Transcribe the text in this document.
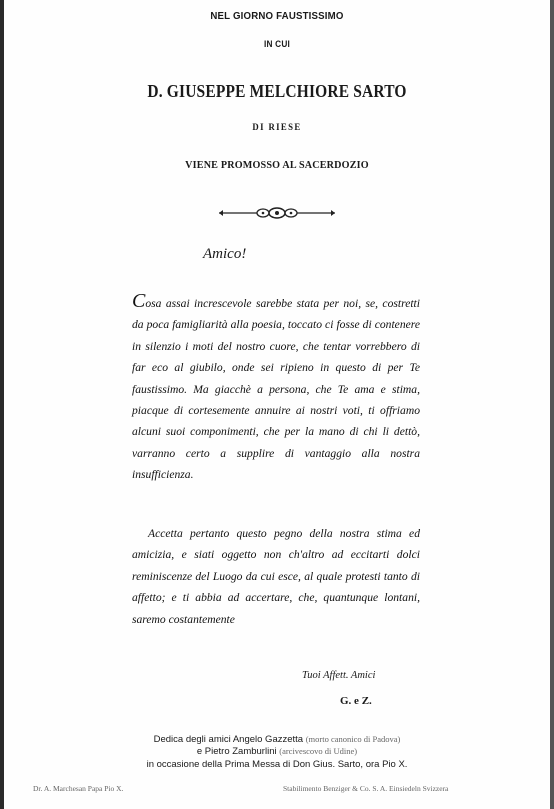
NEL GIORNO FAUSTISSIMO
IN CUI
D. GIUSEPPE MELCHIORE SARTO
DI RIESE
VIENE PROMOSSO AL SACERDOZIO
Amico!
Cosa assai increscevole sarebbe stata per noi, se, costretti da poca famigliarità alla poesia, toccato ci fosse di contenere in silenzio i moti del nostro cuore, che tentar vorrebbero di far eco al giubilo, onde sei ripieno in questo di per Te faustissimo. Ma giacchè a persona, che Te ama e stima, piacque di cortesemente annuire ai nostri voti, ti offriamo alcuni suoi componimenti, che per la mano di chi li dettò, varranno certo a supplire di vantaggio alla nostra insufficienza.
Accetta pertanto questo pegno della nostra stima ed amicizia, e siati oggetto non ch'altro ad eccitarti dolci reminiscenze del Luogo da cui esce, al quale protesti tanto di affetto; e ti abbia ad accertare, che, quantunque lontani, saremo costantemente
Tuoi Affett. Amici
G. e Z.
Dedica degli amici Angelo Gazzetta (morto canonico di Padova)
e Pietro Zamburlini (arcivescovo di Udine)
in occasione della Prima Messa di Don Gius. Sarto, ora Pio X.
Dr. A. Marchesan Papa Pio X.	Stabilimento Benziger & Co. S. A. Einsiedeln Svizzera
